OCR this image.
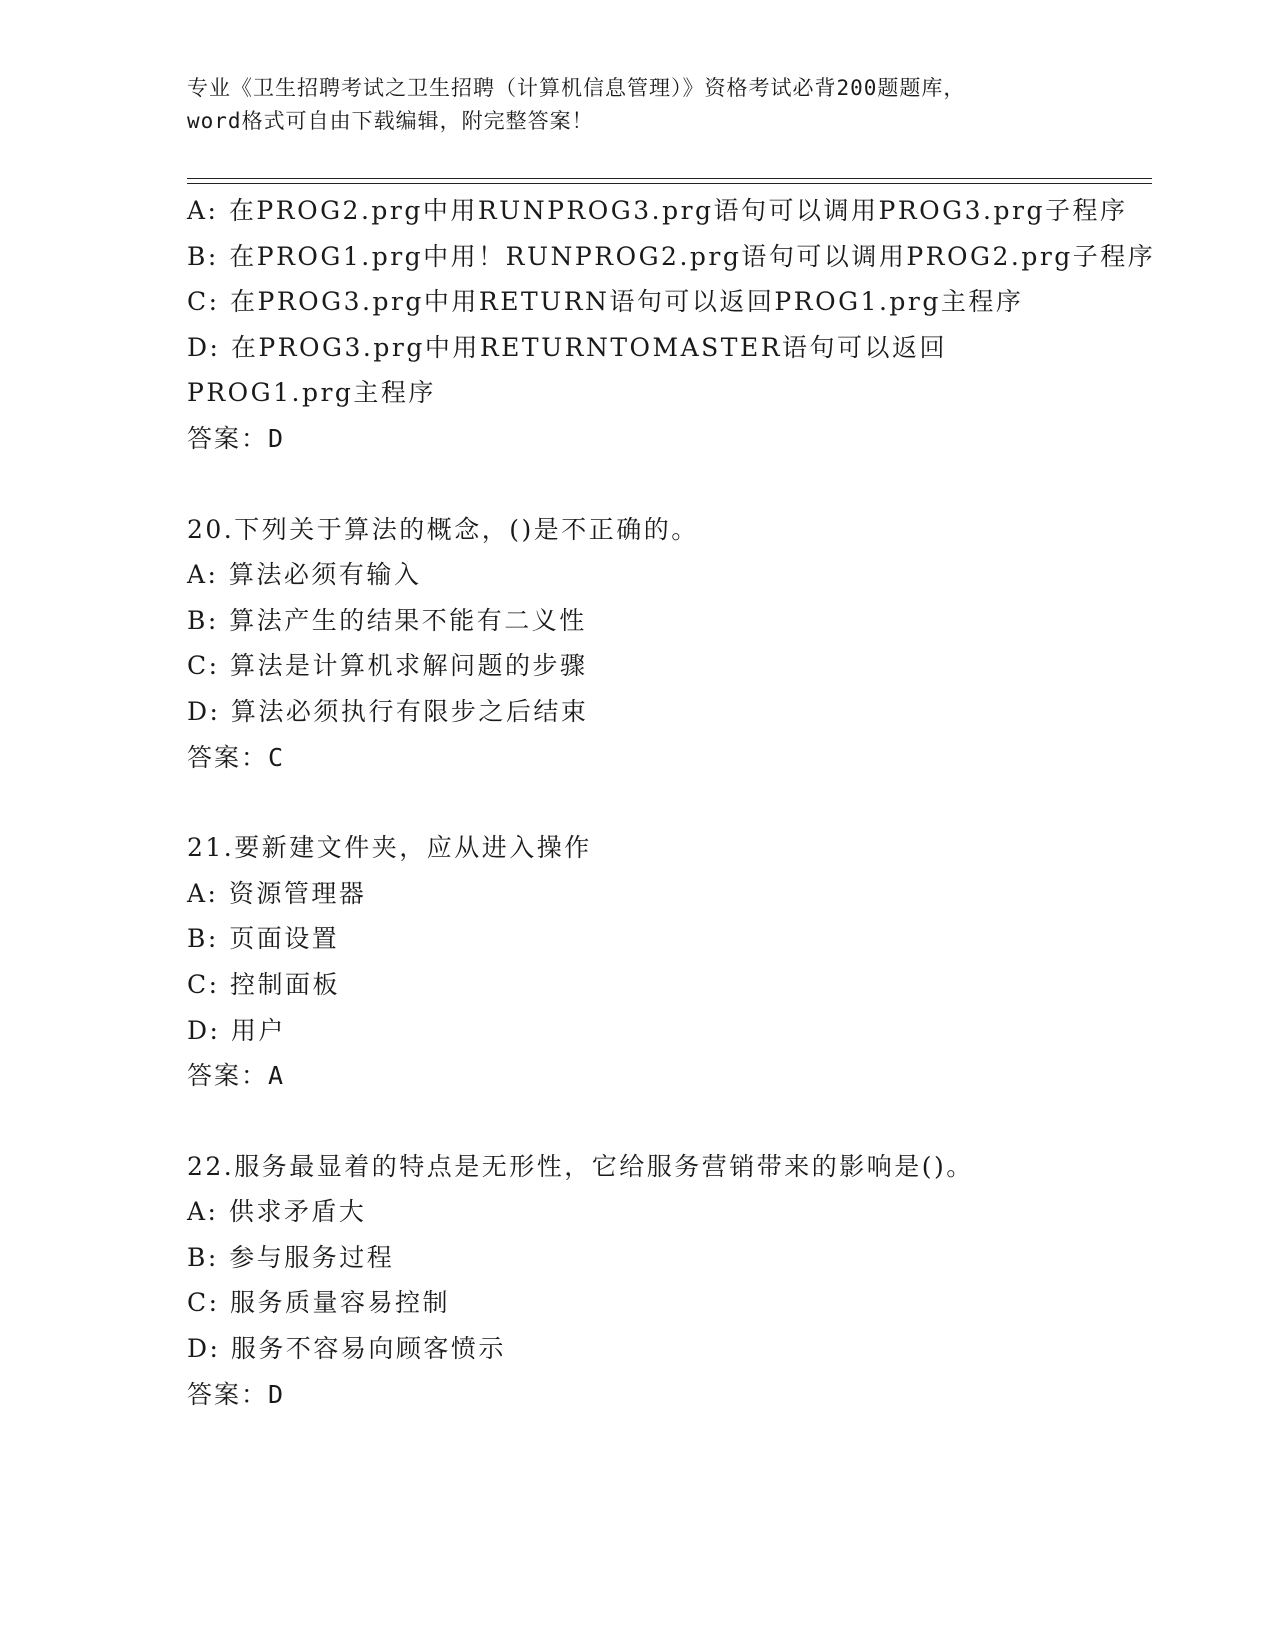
专业《卫生招聘考试之卫生招聘（计算机信息管理）》资格考试必背200题题库，
word格式可自由下载编辑，附完整答案！
A: 在PROG2.prg中用RUNPROG3.prg语句可以调用PROG3.prg子程序
B: 在PROG1.prg中用！RUNPROG2.prg语句可以调用PROG2.prg子程序
C: 在PROG3.prg中用RETURN语句可以返回PROG1.prg主程序
D: 在PROG3.prg中用RETURNTOMASTER语句可以返回PROG1.prg主程序
答案：D
20.下列关于算法的概念，()是不正确的。
A: 算法必须有输入
B: 算法产生的结果不能有二义性
C: 算法是计算机求解问题的步骤
D: 算法必须执行有限步之后结束
答案：C
21.要新建文件夹，应从进入操作
A: 资源管理器
B: 页面设置
C: 控制面板
D: 用户
答案：A
22.服务最显着的特点是无形性，它给服务营销带来的影响是()。
A: 供求矛盾大
B: 参与服务过程
C: 服务质量容易控制
D: 服务不容易向顾客愤示
答案：D
